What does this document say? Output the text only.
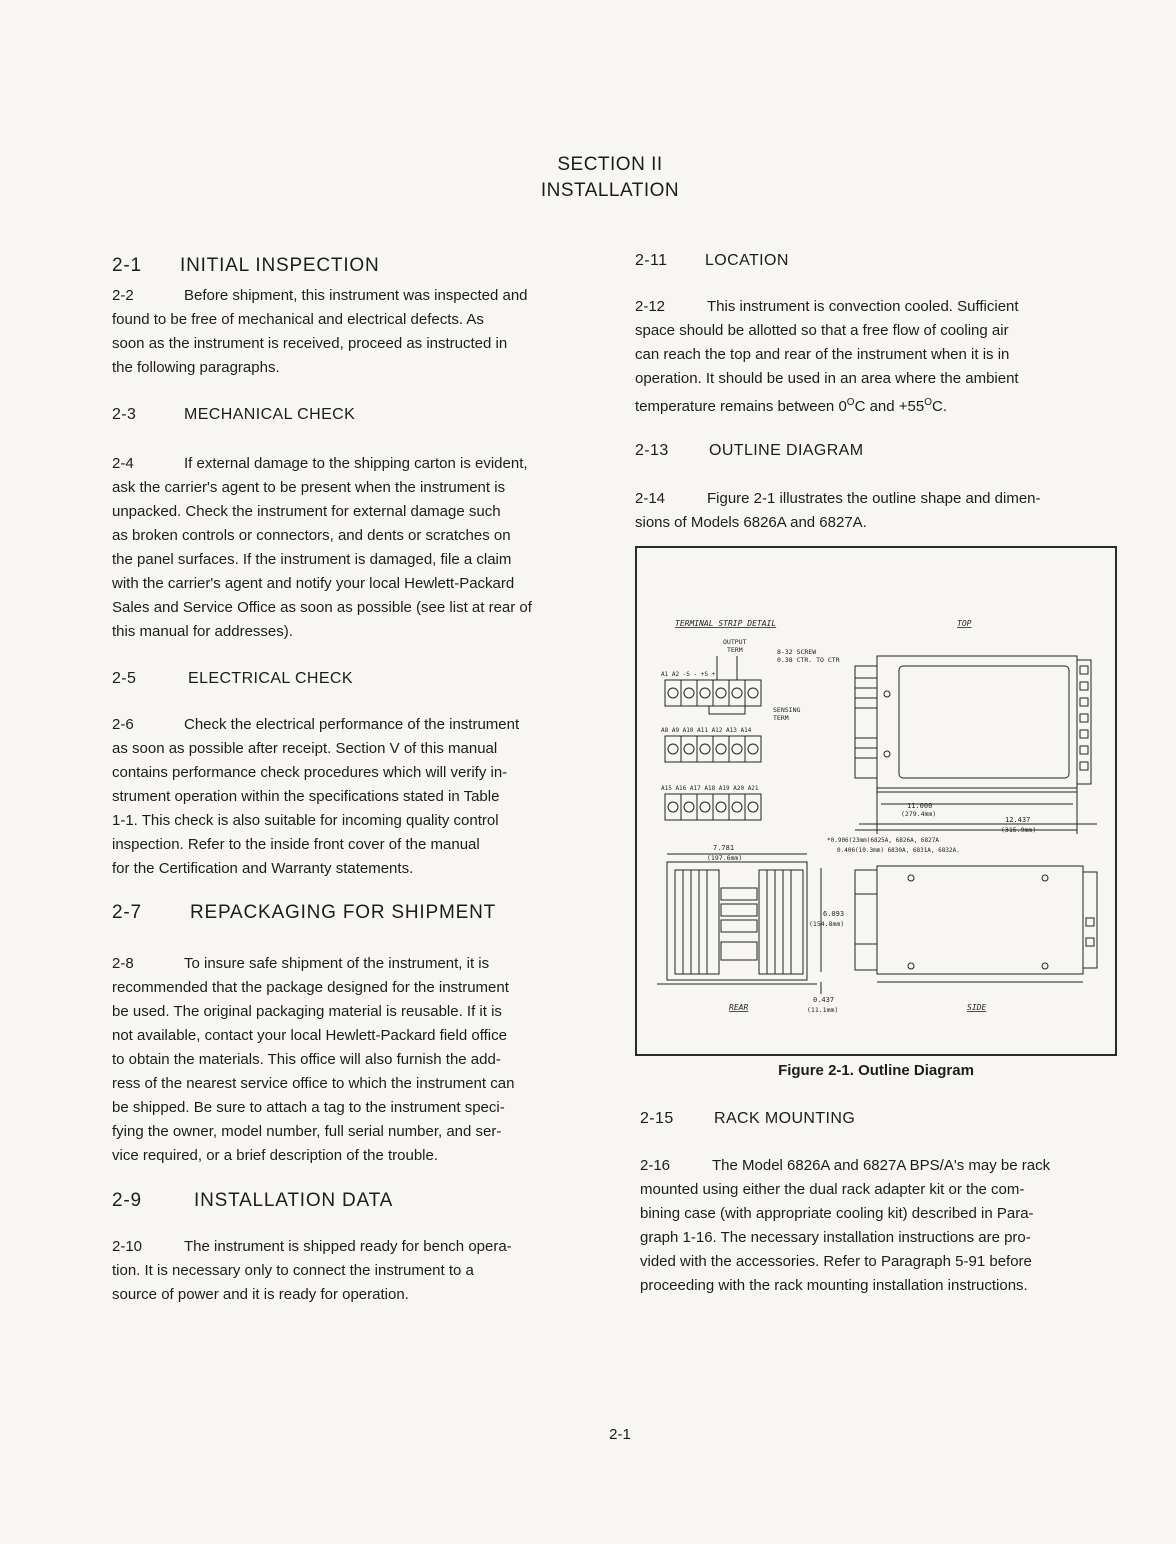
SECTION II
INSTALLATION
2-1 INITIAL INSPECTION

2-2	Before shipment, this instrument was inspected and

found to be free of mechanical and electrical defects. As

soon as the instrument is received, proceed as instructed in

the following paragraphs.

2-3	MECHANICAL CHECK

2-4	If external damage to the shipping carton is evident,

ask the carrier's agent to be present when the instrument is

unpacked. Check the instrument for external damage such

as broken controls or connectors, and dents or scratches on

the panel surfaces. If the instrument is damaged, file a claim

with the carrier's agent and notify your local Hewlett-Packard

Sales and Service Office as soon as possible (see list at rear of

this manual for addresses).

2-5	ELECTRICAL CHECK

2-6	Check the electrical performance of the instrument

as soon as possible after receipt. Section V of this manual

contains performance check procedures which will verify in-

strument operation within the specifications stated in Table

1-1. This check is also suitable for incoming quality control

inspection. Refer to the inside front cover of the manual

for the Certification and Warranty statements.

2-7	REPACKAGING FOR SHIPMENT

2-8	To insure safe shipment of the instrument, it is

recommended that the package designed for the instrument

be used. The original packaging material is reusable. If it is

not available, contact your local Hewlett-Packard field office

to obtain the materials. This office will also furnish the add-

ress of the nearest service office to which the instrument can

be shipped. Be sure to attach a tag to the instrument speci-

fying the owner, model number, full serial number, and ser-

vice required, or a brief description of the trouble.

2-9	INSTALLATION DATA

2-10	The instrument is shipped ready for bench opera-

tion. It is necessary only to connect the instrument to a

source of power and it is ready for operation.

2-11 LOCATION

2-12	This instrument is convection cooled. Sufficient

space should be allotted so that a free flow of cooling air

can reach the top and rear of the instrument when it is in

operation. It should be used in an area where the ambient

temperature remains between $0^OC$ and $+55^OC$.

2-13	OUTLINE DIAGRAM

2-14	Figure 2-1 illustrates the outline shape and dimen-

sions of Models 6826A and 6827A.

TERMINAL STRIP DETAIL	TOP
OUTPUT
TERM	8-32 SCREW
0.38 CTR. TO CTR
A1 A2 -S - +S +
SENSING
TERM
A8 A9 A10 A11 A12 A13 A14
A15 A16 A17 A18 A19 A20 A21
11.000
(279.4mm)
12.437
(315.9mm)
*0.906(23mm)6825A, 6826A, 6827A
0.406(10.3mm) 6830A, 6831A, 6832A.
7.781
(197.6mm)
6.093
(154.8mm)
0.437
(11.1mm)
REAR	SIDE
Figure 2-1. Outline Diagram
2-15	RACK MOUNTING

2-16	The Model 6826A and 6827A BPS/A's may be rack

mounted using either the dual rack adapter kit or the com-

bining case (with appropriate cooling kit) described in Para-

graph 1-16. The necessary installation instructions are pro-

vided with the accessories. Refer to Paragraph 5-91 before

proceeding with the rack mounting installation instructions.

2-1
